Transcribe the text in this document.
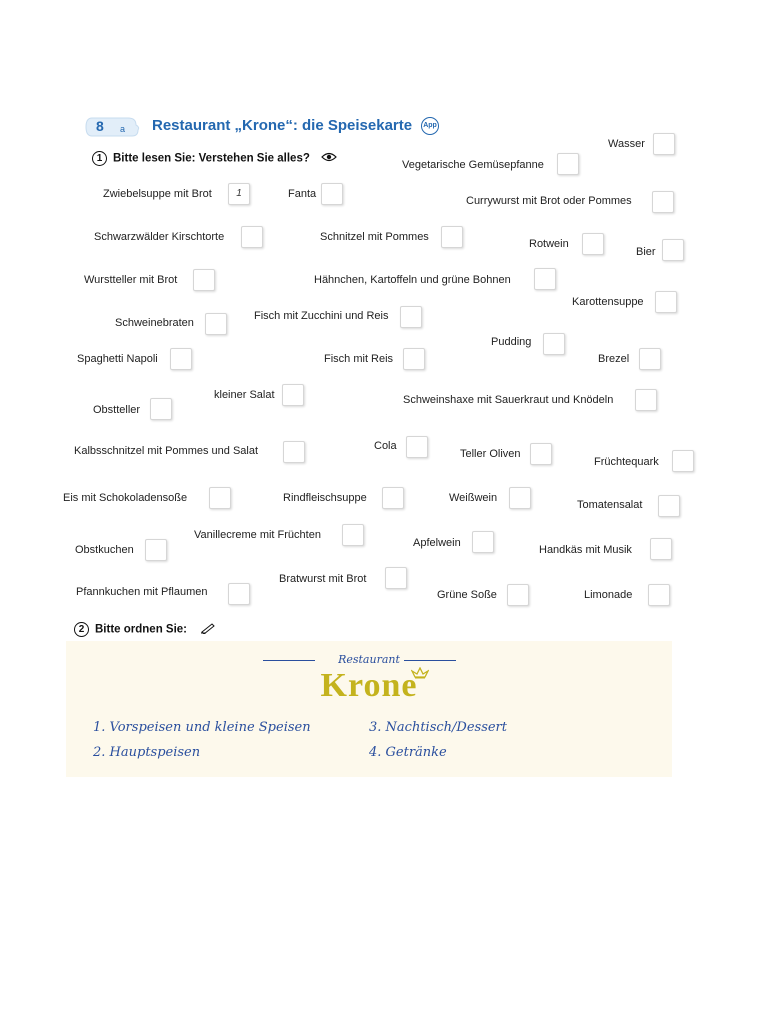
8 a Restaurant „Krone“: die Speisekarte	App
1 Bitte lesen Sie: Verstehen Sie alles?
Wasser
Vegetarische Gemüsepfanne
Zwiebelsuppe mit Brot	1	Fanta
Currywurst mit Brot oder Pommes
Schwarzwälder Kirschtorte	Schnitzel mit Pommes
Rotwein
Bier
Wurstteller mit Brot	Hähnchen, Kartoffeln und grüne Bohnen
Karottensuppe
Schweinebraten
Fisch mit Zucchini und Reis
Pudding
Spaghetti Napoli	Fisch mit Reis	Brezel
kleiner Salat
Obstteller
Schweinshaxe mit Sauerkraut und Knödeln
Kalbsschnitzel mit Pommes und Salat	Cola
Teller Oliven
Früchtequark
Eis mit Schokoladensoße	Rindfleischsuppe	Weißwein
Tomatensalat
Vanillecreme mit Früchten
Obstkuchen
Apfelwein
Handkäs mit Musik
Bratwurst mit Brot
Pfannkuchen mit Pflaumen	Grüne Soße	Limonade
2 Bitte ordnen Sie:
Restaurant
Krone
1. Vorspeisen und kleine Speisen
2. Hauptspeisen
3. Nachtisch/Dessert
4. Getränke
